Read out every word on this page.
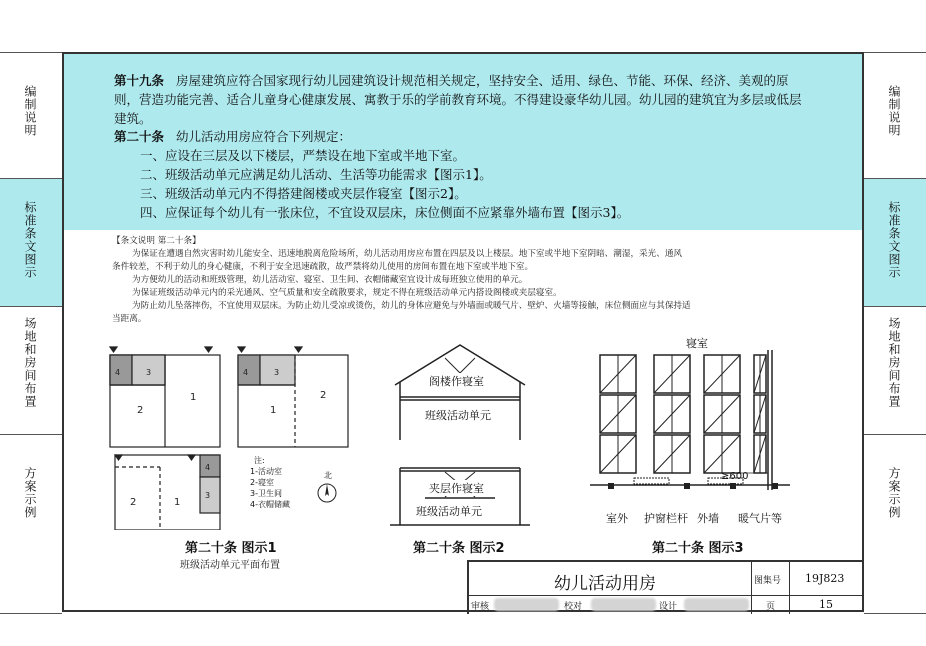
编制说明
标准条文图示
场地和房间布置
方案示例
编制说明
标准条文图示
场地和房间布置
方案示例
第十九条 房屋建筑应符合国家现行幼儿园建筑设计规范相关规定，坚持安全、适用、绿色、节能、环保、经济、美观的原则，营造功能完善、适合儿童身心健康发展、寓教于乐的学前教育环境。不得建设豪华幼儿园。幼儿园的建筑宜为多层或低层建筑。
第二十条 幼儿活动用房应符合下列规定：
一、应设在三层及以下楼层，严禁设在地下室或半地下室。
二、班级活动单元应满足幼儿活动、生活等功能需求【图示1】。
三、班级活动单元内不得搭建阁楼或夹层作寝室【图示2】。
四、应保证每个幼儿有一张床位，不宜设双层床，床位侧面不应紧靠外墙布置【图示3】。
【条文说明 第二十条】
为保证在遭遇自然灾害时幼儿能安全、迅速地脱离危险场所，幼儿活动用房应布置在四层及以上楼层。地下室或半地下室阴暗、潮湿，采光、通风
条件较差，不利于幼儿的身心健康，不利于安全迅速疏散，故严禁将幼儿使用的房间布置在地下室或半地下室。
为方便幼儿的活动和班级管理，幼儿活动室、寝室、卫生间、衣帽储藏室宜设计成每班独立使用的单元。
为保证班级活动单元内的采光通风、空气质量和安全疏散要求，规定不得在班级活动单元内搭设阁楼或夹层寝室。
为防止幼儿坠落摔伤，不宜使用双层床。为防止幼儿受凉或烫伤，幼儿的身体应避免与外墙面或暖气片、壁炉、火墙等接触，床位侧面应与其保持适
当距离。
4	3
2
1
4	3
1
2
4
3
2	1
注:
1-活动室
2-寝室
3-卫生间
4-衣帽储藏
北
第二十条 图示1
班级活动单元平面布置
阁楼作寝室
班级活动单元
夹层作寝室
班级活动单元
第二十条 图示2
寝室
≥600
室外 护窗栏杆 外墙 暖气片等
第二十条 图示3
幼儿活动用房	图集号 19J823
审核	校对	设计	页	15
